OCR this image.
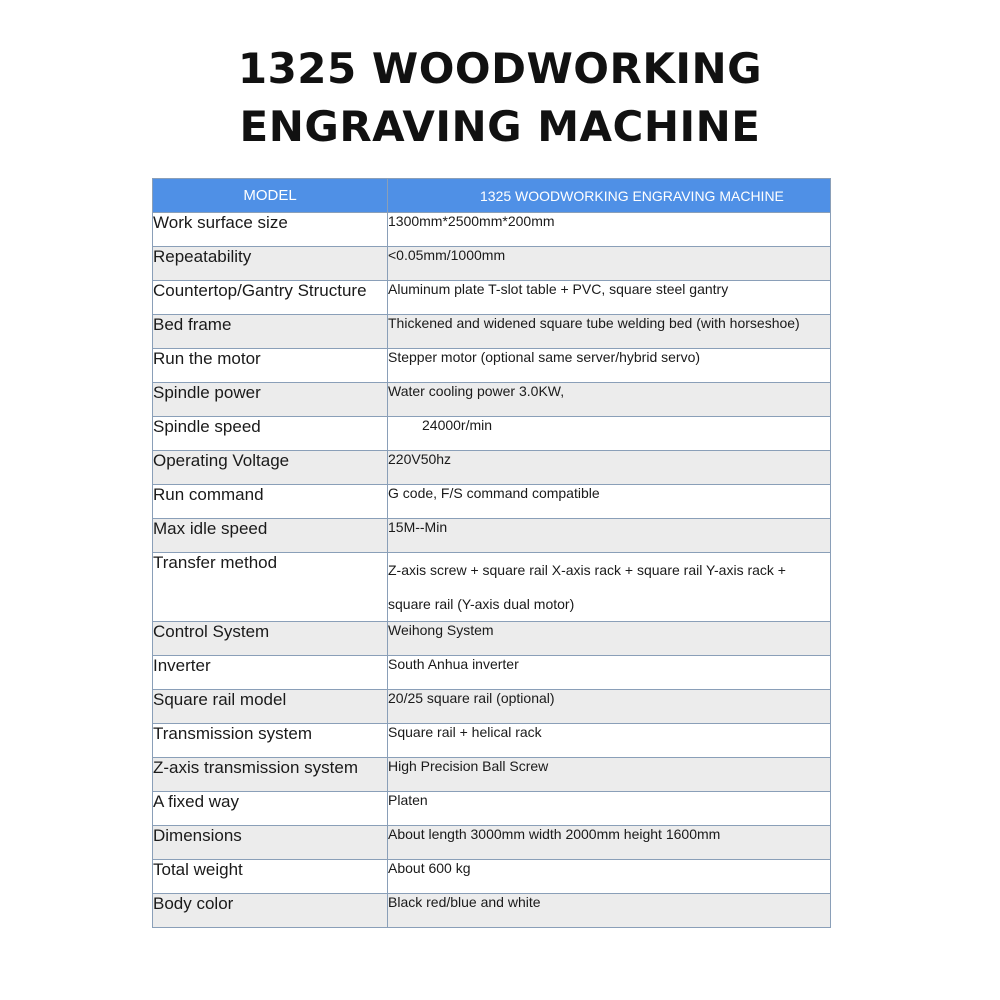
1325 WOODWORKING
ENGRAVING MACHINE
MODEL	1325 WOODWORKING ENGRAVING MACHINE
Work surface size	1300mm*2500mm*200mm
Repeatability	<0.05mm/1000mm
Countertop/Gantry Structure	Aluminum plate T-slot table + PVC, square steel gantry
Bed frame	Thickened and widened square tube welding bed (with horseshoe)
Run the motor	Stepper motor (optional same server/hybrid servo)
Spindle power	Water cooling power 3.0KW,
Spindle speed	24000r/min
Operating Voltage	220V50hz
Run command	G code, F/S command compatible
Max idle speed	15M--Min
Transfer method	Z-axis screw + square rail X-axis rack + square rail Y-axis rack + square rail (Y-axis dual motor)
Control System	Weihong System
Inverter	South Anhua inverter
Square rail model	20/25 square rail (optional)
Transmission system	Square rail + helical rack
Z-axis transmission system	High Precision Ball Screw
A fixed way	Platen
Dimensions	About length 3000mm width 2000mm height 1600mm
Total weight	About 600 kg
Body color	Black red/blue and white
